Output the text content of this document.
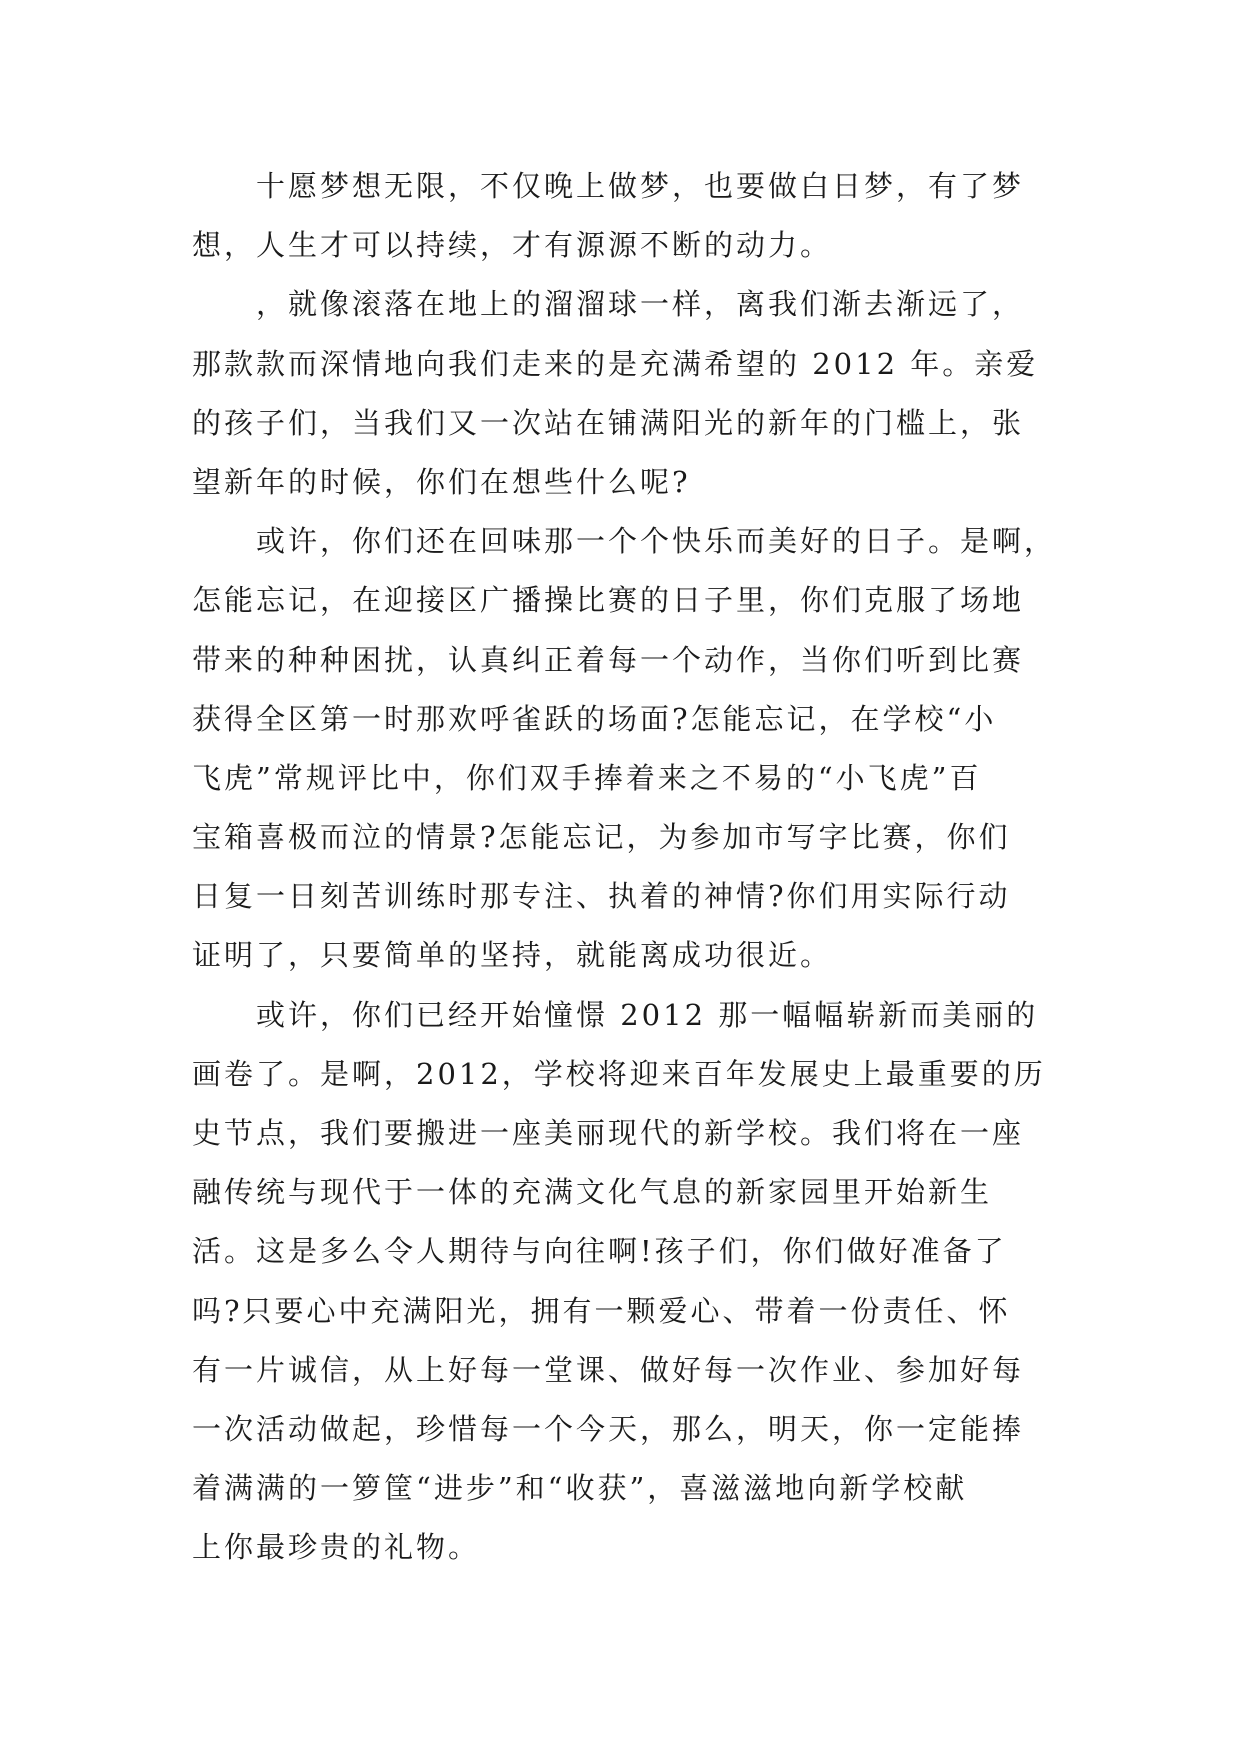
　　十愿梦想无限，不仅晚上做梦，也要做白日梦，有了梦
想，人生才可以持续，才有源源不断的动力。
　　，就像滚落在地上的溜溜球一样，离我们渐去渐远了，
那款款而深情地向我们走来的是充满希望的 2012 年。亲爱
的孩子们，当我们又一次站在铺满阳光的新年的门槛上，张
望新年的时候，你们在想些什么呢?
　　或许，你们还在回味那一个个快乐而美好的日子。是啊，
怎能忘记，在迎接区广播操比赛的日子里，你们克服了场地
带来的种种困扰，认真纠正着每一个动作，当你们听到比赛
获得全区第一时那欢呼雀跃的场面?怎能忘记，在学校“小
飞虎”常规评比中，你们双手捧着来之不易的“小飞虎”百
宝箱喜极而泣的情景?怎能忘记，为参加市写字比赛，你们
日复一日刻苦训练时那专注、执着的神情?你们用实际行动
证明了，只要简单的坚持，就能离成功很近。
　　或许，你们已经开始憧憬 2012 那一幅幅崭新而美丽的
画卷了。是啊，2012，学校将迎来百年发展史上最重要的历
史节点，我们要搬进一座美丽现代的新学校。我们将在一座
融传统与现代于一体的充满文化气息的新家园里开始新生
活。这是多么令人期待与向往啊!孩子们，你们做好准备了
吗?只要心中充满阳光，拥有一颗爱心、带着一份责任、怀
有一片诚信，从上好每一堂课、做好每一次作业、参加好每
一次活动做起，珍惜每一个今天，那么，明天，你一定能捧
着满满的一箩筐“进步”和“收获”，喜滋滋地向新学校献
上你最珍贵的礼物。
